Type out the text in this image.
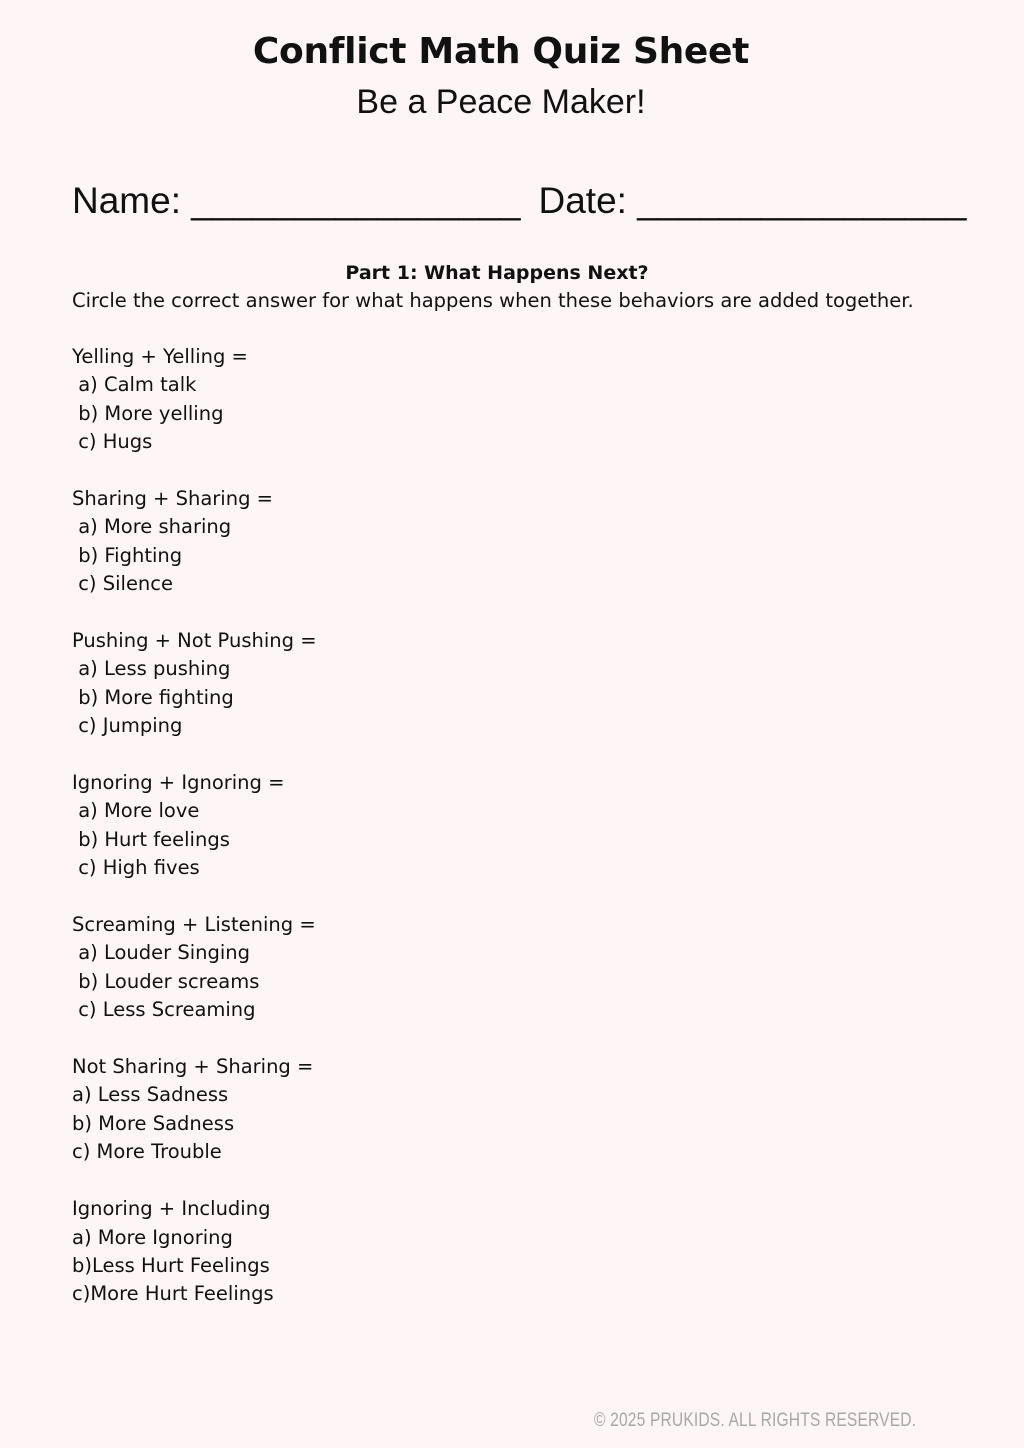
Conflict Math Quiz Sheet
Be a Peace Maker!
Name: ________________ Date: ________________
Part 1: What Happens Next?
Circle the correct answer for what happens when these behaviors are added together.
Yelling + Yelling =
a) Calm talk
b) More yelling
c) Hugs
Sharing + Sharing =
a) More sharing
b) Fighting
c) Silence
Pushing + Not Pushing =
a) Less pushing
b) More fighting
c) Jumping
Ignoring + Ignoring =
a) More love
b) Hurt feelings
c) High fives
Screaming + Listening =
a) Louder Singing
b) Louder screams
c) Less Screaming
Not Sharing + Sharing =
a) Less Sadness
b) More Sadness
c) More Trouble
Ignoring + Including
a) More Ignoring
b)Less Hurt Feelings
c)More Hurt Feelings
© 2025 PRUKIDS. ALL RIGHTS RESERVED.
